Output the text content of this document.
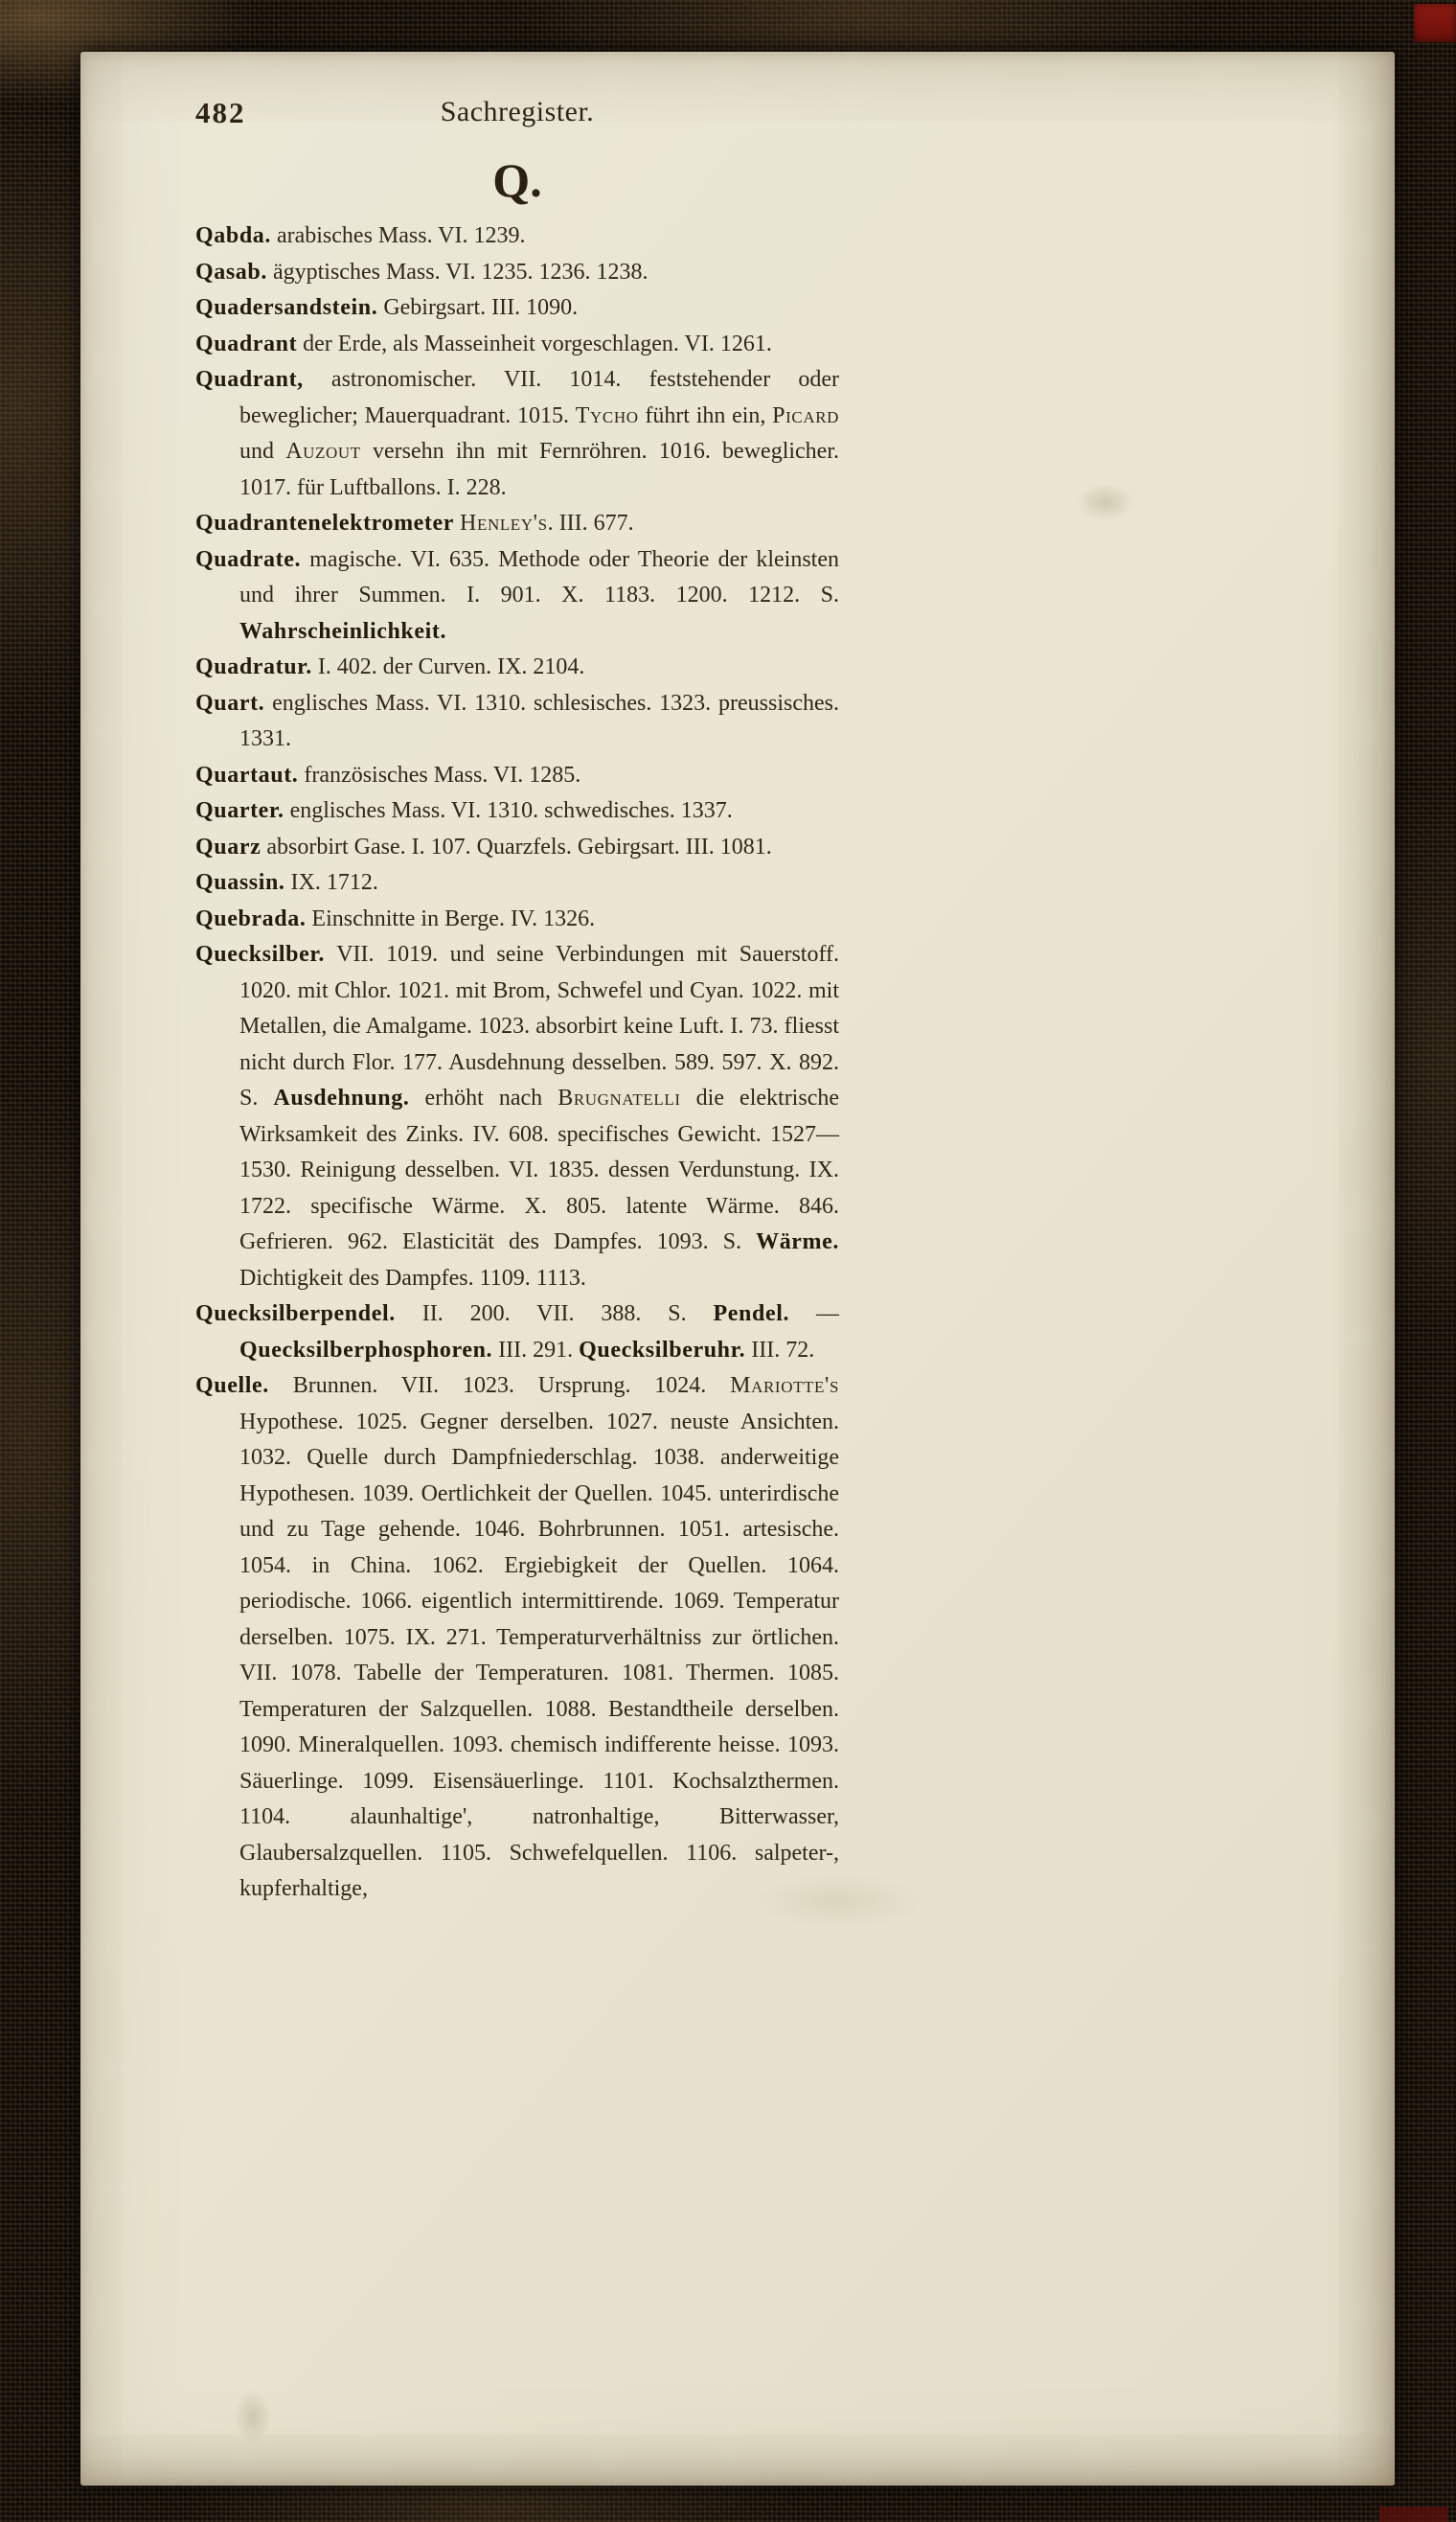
482	Sachregister.
Q.

Qabda. arabisches Mass. VI. 1239.

Qasab. ägyptisches Mass. VI. 1235. 1236. 1238.

Quadersandstein. Gebirgsart. III. 1090.

Quadrant der Erde, als Masseinheit vorgeschlagen. VI. 1261.

Quadrant, astronomischer. VII. 1014. feststehender oder beweglicher; Mauerquadrant. 1015. Tycho führt ihn ein, Picard und Auzout versehn ihn mit Fernröhren. 1016. beweglicher. 1017. für Luftballons. I. 228.

Quadrantenelektrometer Henley's. III. 677.

Quadrate. magische. VI. 635. Methode oder Theorie der kleinsten und ihrer Summen. I. 901. X. 1183. 1200. 1212. S. Wahrscheinlichkeit.

Quadratur. I. 402. der Curven. IX. 2104.

Quart. englisches Mass. VI. 1310. schlesisches. 1323. preussisches. 1331.

Quartaut. französisches Mass. VI. 1285.

Quarter. englisches Mass. VI. 1310. schwedisches. 1337.

Quarz absorbirt Gase. I. 107. Quarzfels. Gebirgsart. III. 1081.

Quassin. IX. 1712.

Quebrada. Einschnitte in Berge. IV. 1326.

Quecksilber. VII. 1019. und seine Verbindungen mit Sauerstoff. 1020. mit Chlor. 1021. mit Brom, Schwefel und Cyan. 1022. mit Metallen, die Amalgame. 1023. absorbirt keine Luft. I. 73. fliesst nicht durch Flor. 177. Ausdehnung desselben. 589. 597. X. 892. S. Ausdehnung. erhöht nach Brugnatelli die elektrische Wirksamkeit des Zinks. IV. 608. specifisches Gewicht. 1527—1530. Reinigung desselben. VI. 1835. dessen Verdunstung. IX. 1722. specifische Wärme. X. 805. latente Wärme. 846. Gefrieren. 962. Elasticität des Dampfes. 1093. S. Wärme. Dichtigkeit des Dampfes. 1109. 1113.

Quecksilberpendel. II. 200. VII. 388. S. Pendel. — Quecksilberphosphoren. III. 291. Quecksilberuhr. III. 72.

Quelle. Brunnen. VII. 1023. Ursprung. 1024. Mariotte's Hypothese. 1025. Gegner derselben. 1027. neuste Ansichten. 1032. Quelle durch Dampfniederschlag. 1038. anderweitige Hypothesen. 1039. Oertlichkeit der Quellen. 1045. unterirdische und zu Tage gehende. 1046. Bohrbrunnen. 1051. artesische. 1054. in China. 1062. Ergiebigkeit der Quellen. 1064. periodische. 1066. eigentlich intermittirende. 1069. Temperatur derselben. 1075. IX. 271. Temperaturverhältniss zur örtlichen. VII. 1078. Tabelle der Temperaturen. 1081. Thermen. 1085. Temperaturen der Salzquellen. 1088. Bestandtheile derselben. 1090. Mineralquellen. 1093. chemisch indifferente heisse. 1093. Säuerlinge. 1099. Eisensäuerlinge. 1101. Kochsalzthermen. 1104. alaunhaltige', natronhaltige, Bitterwasser, Glaubersalzquellen. 1105. Schwefelquellen. 1106. salpeter-, kupferhaltige,
